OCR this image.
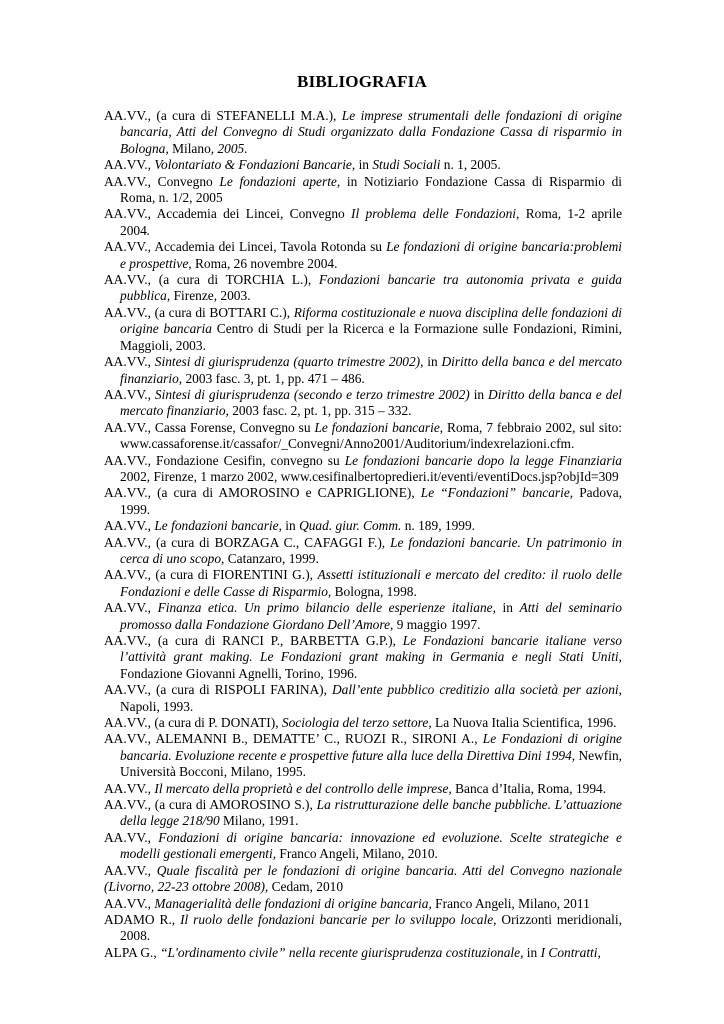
BIBLIOGRAFIA

AA.VV., (a cura di STEFANELLI M.A.), Le imprese strumentali delle fondazioni di origine bancaria, Atti del Convegno di Studi organizzato dalla Fondazione Cassa di risparmio in Bologna, Milano, 2005.

AA.VV., Volontariato & Fondazioni Bancarie, in Studi Sociali n. 1, 2005.

AA.VV., Convegno Le fondazioni aperte, in Notiziario Fondazione Cassa di Risparmio di Roma, n. 1/2, 2005

AA.VV., Accademia dei Lincei, Convegno Il problema delle Fondazioni, Roma, 1-2 aprile 2004.

AA.VV., Accademia dei Lincei, Tavola Rotonda su Le fondazioni di origine bancaria:problemi e prospettive, Roma, 26 novembre 2004.

AA.VV., (a cura di TORCHIA L.), Fondazioni bancarie tra autonomia privata e guida pubblica, Firenze, 2003.

AA.VV., (a cura di BOTTARI C.), Riforma costituzionale e nuova disciplina delle fondazioni di origine bancaria Centro di Studi per la Ricerca e la Formazione sulle Fondazioni, Rimini, Maggioli, 2003.

AA.VV., Sintesi di giurisprudenza (quarto trimestre 2002), in Diritto della banca e del mercato finanziario, 2003 fasc. 3, pt. 1, pp. 471 – 486.

AA.VV., Sintesi di giurisprudenza (secondo e terzo trimestre 2002) in Diritto della banca e del mercato finanziario, 2003 fasc. 2, pt. 1, pp. 315 – 332.

AA.VV., Cassa Forense, Convegno su Le fondazioni bancarie, Roma, 7 febbraio 2002, sul sito: www.cassaforense.it/cassafor/_Convegni/Anno2001/Auditorium/indexrelazioni.cfm.

AA.VV., Fondazione Cesifin, convegno su Le fondazioni bancarie dopo la legge Finanziaria 2002, Firenze, 1 marzo 2002, www.cesifinalbertopredieri.it/eventi/eventiDocs.jsp?objId=309

AA.VV., (a cura di AMOROSINO e CAPRIGLIONE), Le “Fondazioni” bancarie, Padova, 1999.

AA.VV., Le fondazioni bancarie, in Quad. giur. Comm. n. 189, 1999.

AA.VV., (a cura di BORZAGA C., CAFAGGI F.), Le fondazioni bancarie. Un patrimonio in cerca di uno scopo, Catanzaro, 1999.

AA.VV., (a cura di FIORENTINI G.), Assetti istituzionali e mercato del credito: il ruolo delle Fondazioni e delle Casse di Risparmio, Bologna, 1998.

AA.VV., Finanza etica. Un primo bilancio delle esperienze italiane, in Atti del seminario promosso dalla Fondazione Giordano Dell’Amore, 9 maggio 1997.

AA.VV., (a cura di RANCI P., BARBETTA G.P.), Le Fondazioni bancarie italiane verso l’attività grant making. Le Fondazioni grant making in Germania e negli Stati Uniti, Fondazione Giovanni Agnelli, Torino, 1996.

AA.VV., (a cura di RISPOLI FARINA), Dall’ente pubblico creditizio alla società per azioni, Napoli, 1993.

AA.VV., (a cura di P. DONATI), Sociologia del terzo settore, La Nuova Italia Scientifica, 1996.

AA.VV., ALEMANNI B., DEMATTE’ C., RUOZI R., SIRONI A., Le Fondazioni di origine bancaria. Evoluzione recente e prospettive future alla luce della Direttiva Dini 1994, Newfin, Università Bocconi, Milano, 1995.

AA.VV., Il mercato della proprietà e del controllo delle imprese, Banca d’Italia, Roma, 1994.

AA.VV., (a cura di AMOROSINO S.), La ristrutturazione delle banche pubbliche. L’attuazione della legge 218/90 Milano, 1991.

AA.VV., Fondazioni di origine bancaria: innovazione ed evoluzione. Scelte strategiche e modelli gestionali emergenti, Franco Angeli, Milano, 2010.

AA.VV., Quale fiscalità per le fondazioni di origine bancaria. Atti del Convegno nazionale (Livorno, 22-23 ottobre 2008), Cedam, 2010

AA.VV., Managerialità delle fondazioni di origine bancaria, Franco Angeli, Milano, 2011

ADAMO R., Il ruolo delle fondazioni bancarie per lo sviluppo locale, Orizzonti meridionali, 2008.

ALPA G., “L'ordinamento civile” nella recente giurisprudenza costituzionale, in I Contratti,
